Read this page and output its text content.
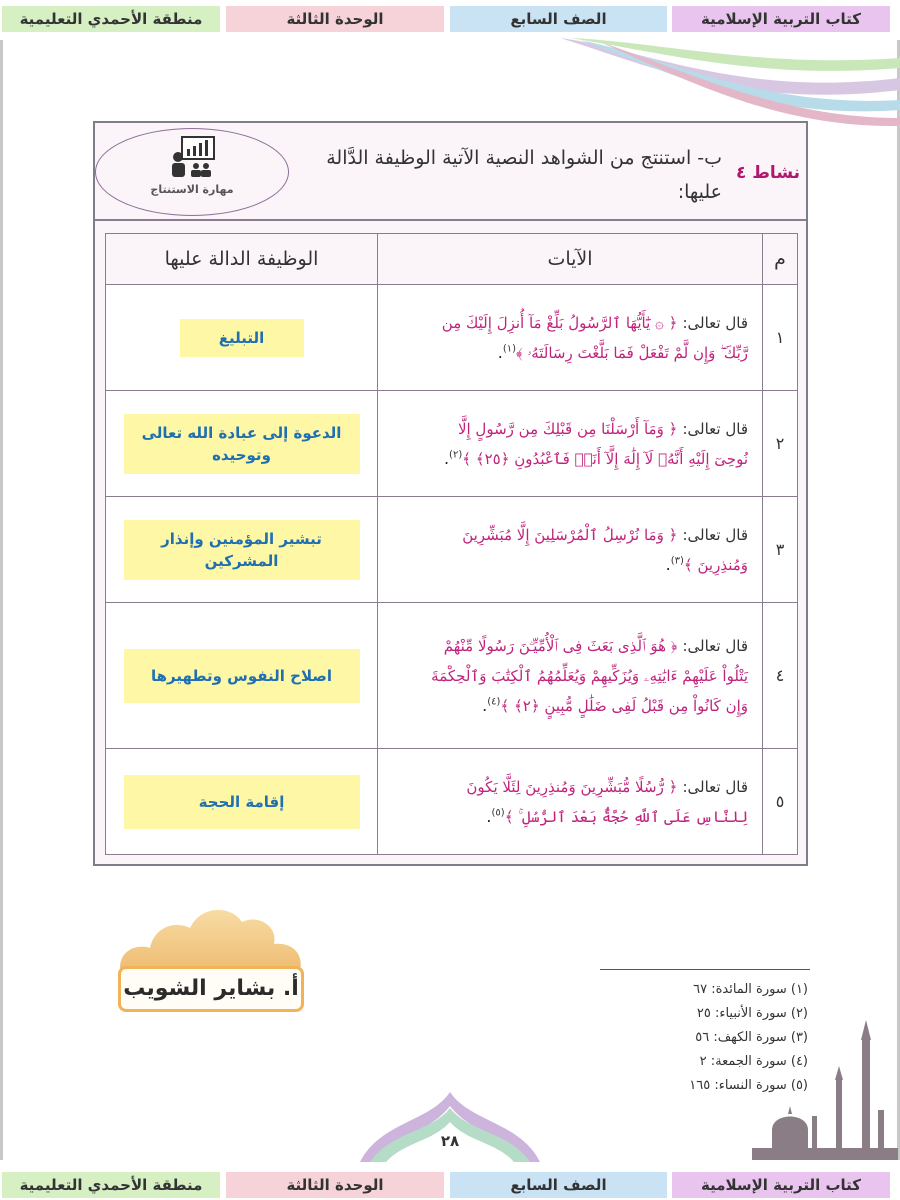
كتاب التربية الإسلامية
الصف السابع
الوحدة الثالثة
منطقة الأحمدي التعليمية
نشاط ٤
ب- استنتج من الشواهد النصية الآتية الوظيفة الدَّالة
عليها:
مهارة الاستنتاج
م	الآيات	الوظيفة الدالة عليها
١	قال تعالى: ﴿ ۞ يَٰٓأَيُّهَا ٱلرَّسُولُ بَلِّغْ مَآ أُنزِلَ إِلَيْكَ مِن

رَّبِّكَ ۖ وَإِن لَّمْ تَفْعَلْ فَمَا بَلَّغْتَ رِسَالَتَهُۥ ﴾$^{(١)}$.	التبليغ
٢	قال تعالى: ﴿ وَمَآ أَرْسَلْنَا مِن قَبْلِكَ مِن رَّسُولٍ إِلَّا

نُوحِىٓ إِلَيْهِ أَنَّهُۥ لَآ إِلَٰهَ إِلَّآ أَنَا۠ فَٱعْبُدُونِ ﴿٢٥﴾ ﴾$^{(٢)}$.	الدعوة إلى عبادة الله تعالى وتوحيده
٣	قال تعالى: ﴿ وَمَا نُرْسِلُ ٱلْمُرْسَلِينَ إِلَّا مُبَشِّرِينَ

وَمُنذِرِينَ ﴾$^{(٣)}$.	تبشير المؤمنين وإنذار المشركين
٤	قال تعالى: ﴿ هُوَ ٱلَّذِى بَعَثَ فِى ٱلْأُمِّيِّـۧنَ رَسُولًا مِّنْهُمْ

يَتْلُواْ عَلَيْهِمْ ءَايَٰتِهِۦ وَيُزَكِّيهِمْ وَيُعَلِّمُهُمُ ٱلْكِتَٰبَ وَٱلْحِكْمَةَ

وَإِن كَانُواْ مِن قَبْلُ لَفِى ضَلَٰلٍ مُّبِينٍ ﴿٢﴾ ﴾$^{(٤)}$.	اصلاح النفوس وتطهيرها
٥	قال تعالى: ﴿ رُّسُلًا مُّبَشِّرِينَ وَمُنذِرِينَ لِئَلَّا يَكُونَ

لِلنَّاسِ عَلَى ٱللَّهِ حُجَّةٌۢ بَعْدَ ٱلرُّسُلِ ۚ ﴾$^{(٥)}$.	إقامة الحجة
أ. بشاير الشويب	(١) سورة المائدة: ٦٧
(٢) سورة الأنبياء: ٢٥
(٣) سورة الكهف: ٥٦
(٤) سورة الجمعة: ٢
(٥) سورة النساء: ١٦٥
٢٨
كتاب التربية الإسلامية
الصف السابع
الوحدة الثالثة
منطقة الأحمدي التعليمية
